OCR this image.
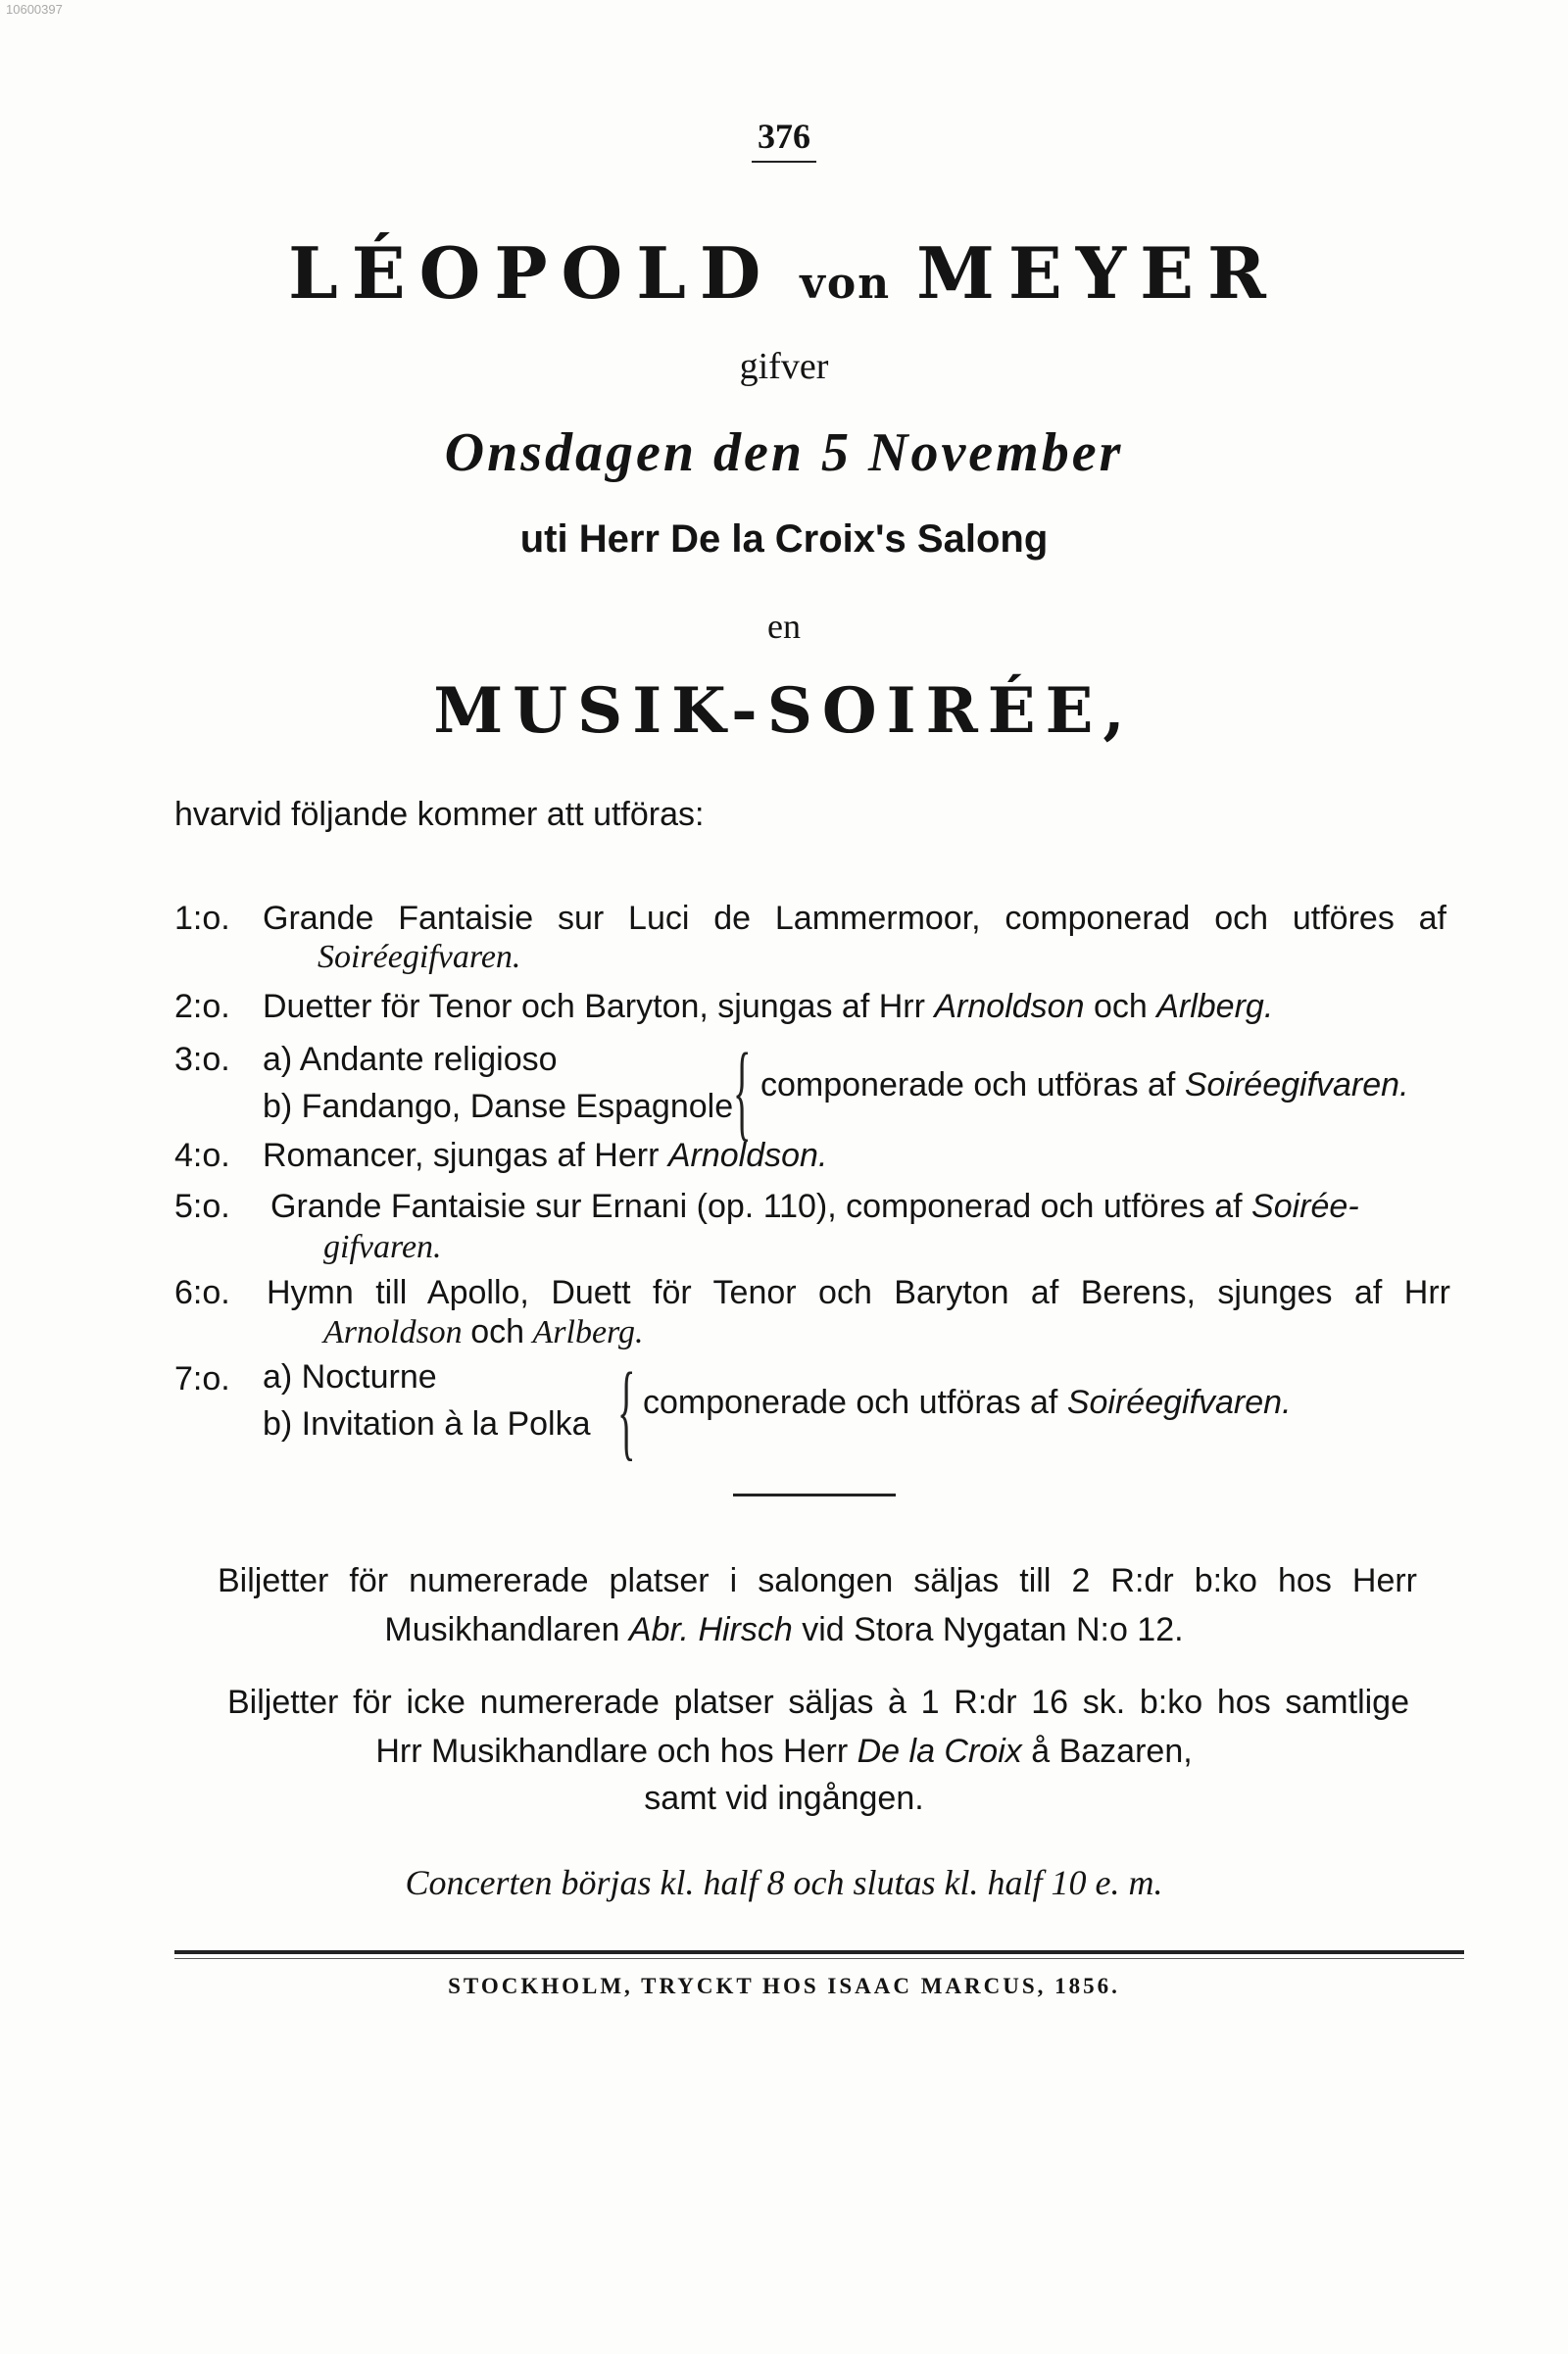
10600397
376
LÉOPOLD von MEYER
gifver
Onsdagen den 5 November
uti Herr De la Croix's Salong
en
MUSIK-SOIRÉE,
hvarvid följande kommer att utföras:
1:o. Grande Fantaisie sur Luci de Lammermoor, componerad och utföres af
Soiréegifvaren.
2:o. Duetter för Tenor och Baryton, sjungas af Hrr Arnoldson och Arlberg.
3:o. a) Andante religioso
b) Fandango, Danse Espagnole { componerade och utföras af Soiréegifvaren.
4:o. Romancer, sjungas af Herr Arnoldson.
5:o. Grande Fantaisie sur Ernani (op. 110), componerad och utföres af Soirée-
gifvaren.
6:o. Hymn till Apollo, Duett för Tenor och Baryton af Berens, sjunges af Hrr
Arnoldson och Arlberg.
7:o. a) Nocturne
b) Invitation à la Polka { componerade och utföras af Soiréegifvaren.
Biljetter för numererade platser i salongen säljas till 2 R:dr b:ko hos Herr
Musikhandlaren Abr. Hirsch vid Stora Nygatan N:o 12.
Biljetter för icke numererade platser säljas à 1 R:dr 16 sk. b:ko hos samtlige
Hrr Musikhandlare och hos Herr De la Croix å Bazaren,
samt vid ingången.
Concerten börjas kl. half 8 och slutas kl. half 10 e. m.
STOCKHOLM, TRYCKT HOS ISAAC MARCUS, 1856.
